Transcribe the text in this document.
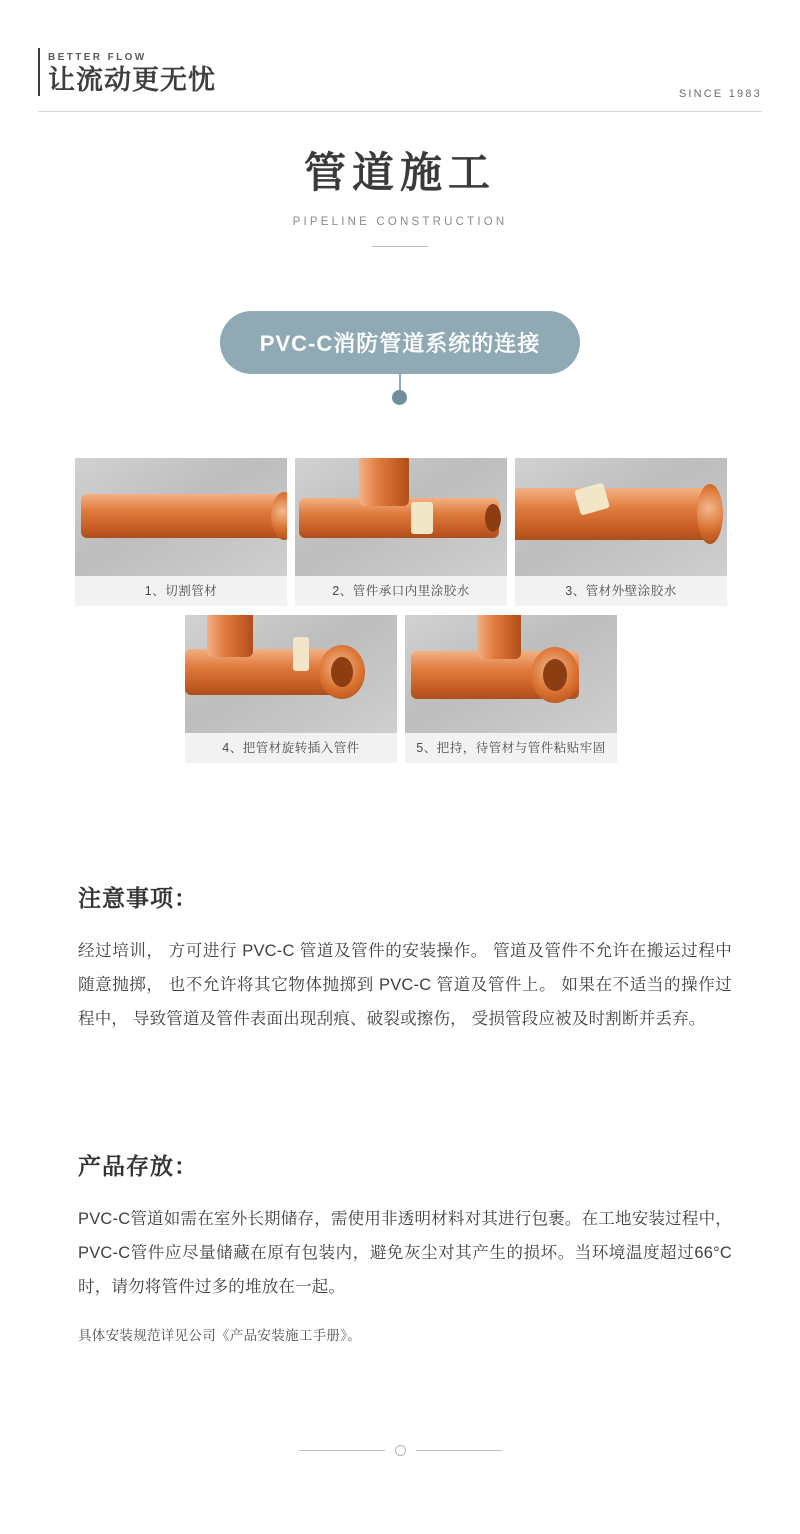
BETTER FLOW
让流动更无忧	SINCE 1983
管道施工
PIPELINE CONSTRUCTION
PVC-C消防管道系统的连接
1、切割管材	2、管件承口内里涂胶水	3、管材外壁涂胶水
4、把管材旋转插入管件	5、把持，待管材与管件粘贴牢固
注意事项：
经过培训， 方可进行 PVC-C 管道及管件的安装操作。 管道及管件不允许在搬运过程中随意抛掷， 也不允许将其它物体抛掷到 PVC-C 管道及管件上。 如果在不适当的操作过程中， 导致管道及管件表面出现刮痕、破裂或擦伤， 受损管段应被及时割断并丢弃。
产品存放：
PVC-C管道如需在室外长期储存，需使用非透明材料对其进行包裹。在工地安装过程中，PVC-C管件应尽量储藏在原有包装内，避免灰尘对其产生的损坏。当环境温度超过66°C时，请勿将管件过多的堆放在一起。
具体安装规范详见公司《产品安装施工手册》。
